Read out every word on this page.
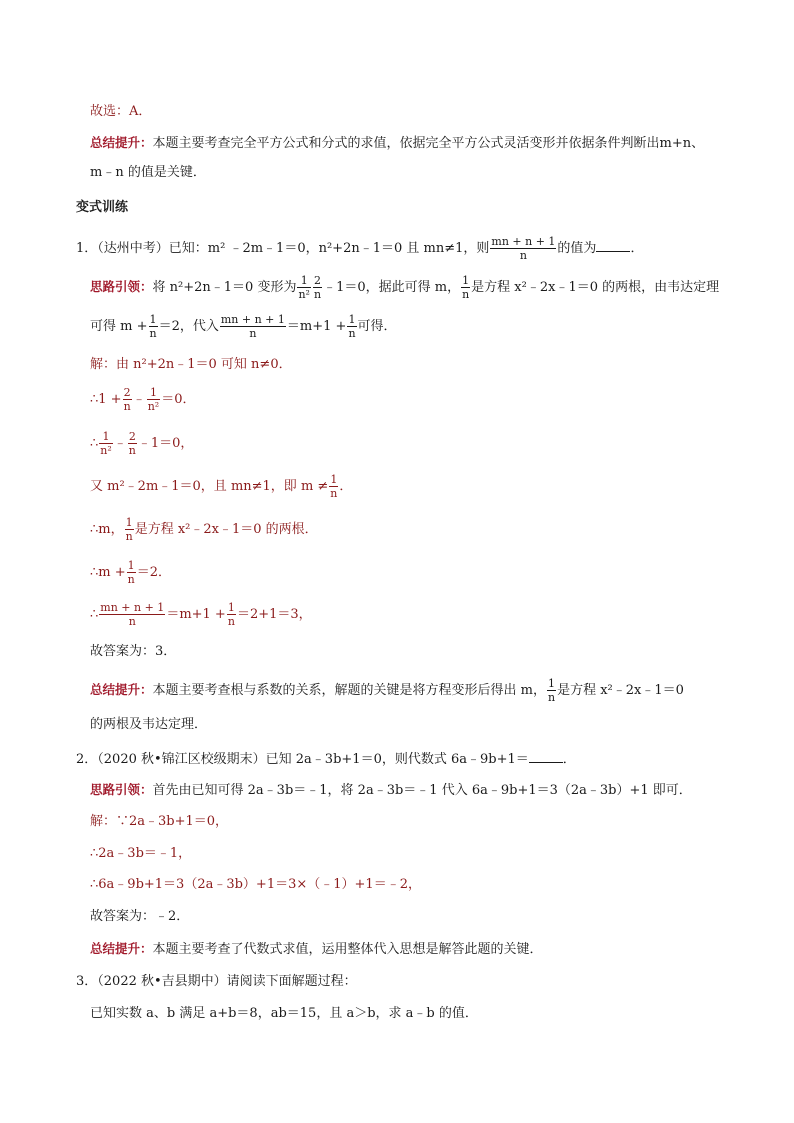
故选：A．
总结提升：本题主要考查完全平方公式和分式的求值，依据完全平方公式灵活变形并依据条件判断出m+n、
m﹣n 的值是关键．
变式训练
1．（达州中考）已知：m² ﹣2m﹣1＝0，n²+2n﹣1＝0 且 mn≠1，则 $\frac{mn + n + 1}{n}$ 的值为	．
思路引领：将 n²+2n﹣1＝0 变形为 $\frac{1}{\text{n²}} \frac{2}{n}$ ﹣1＝0，据此可得 m， $\frac{1}{n}$ 是方程 x²﹣2x﹣1＝0 的两根，由韦达定理
可得 $m + \frac{1}{n} =2$，代入 $\frac{mn + n + 1}{n} =m+1 + \frac{1}{n}$ 可得．
解：由 n²+2n﹣1＝0 可知 n≠0．
∴1 + $\frac{2}{n}$ ﹣ $\frac{1}{\text{n²}} =0$．
∴ $\frac{1}{\text{n²}}$ ﹣ $\frac{2}{n}$ ﹣1＝0，
又 m²﹣2m﹣1＝0，且 mn≠1，即 $m \ne \frac{1}{n}$ ．
∴m， $\frac{1}{n}$ 是方程 x²﹣2x﹣1＝0 的两根．
∴m + $\frac{1}{n} =2$．
∴ $\frac{mn + n + 1}{n} =m+1 + \frac{1}{n} =2+1=3$，
故答案为：3．
总结提升：本题主要考查根与系数的关系，解题的关键是将方程变形后得出 m， $\frac{1}{n}$ 是方程 x²﹣2x﹣1＝0
的两根及韦达定理．
2．（2020 秋•锦江区校级期末）已知 2a﹣3b+1＝0，则代数式 6a﹣9b+1＝	．
思路引领：首先由已知可得 2a﹣3b＝﹣1，将 2a﹣3b＝﹣1 代入 6a﹣9b+1＝3（2a﹣3b）+1 即可．
解：∵2a﹣3b+1＝0，
∴2a﹣3b＝﹣1，
∴6a﹣9b+1＝3（2a﹣3b）+1＝3×（﹣1）+1＝﹣2，
故答案为：﹣2．
总结提升：本题主要考查了代数式求值，运用整体代入思想是解答此题的关键．
3．（2022 秋•吉县期中）请阅读下面解题过程：
已知实数 a、b 满足 a+b＝8，ab＝15，且 a＞b，求 a﹣b 的值．
